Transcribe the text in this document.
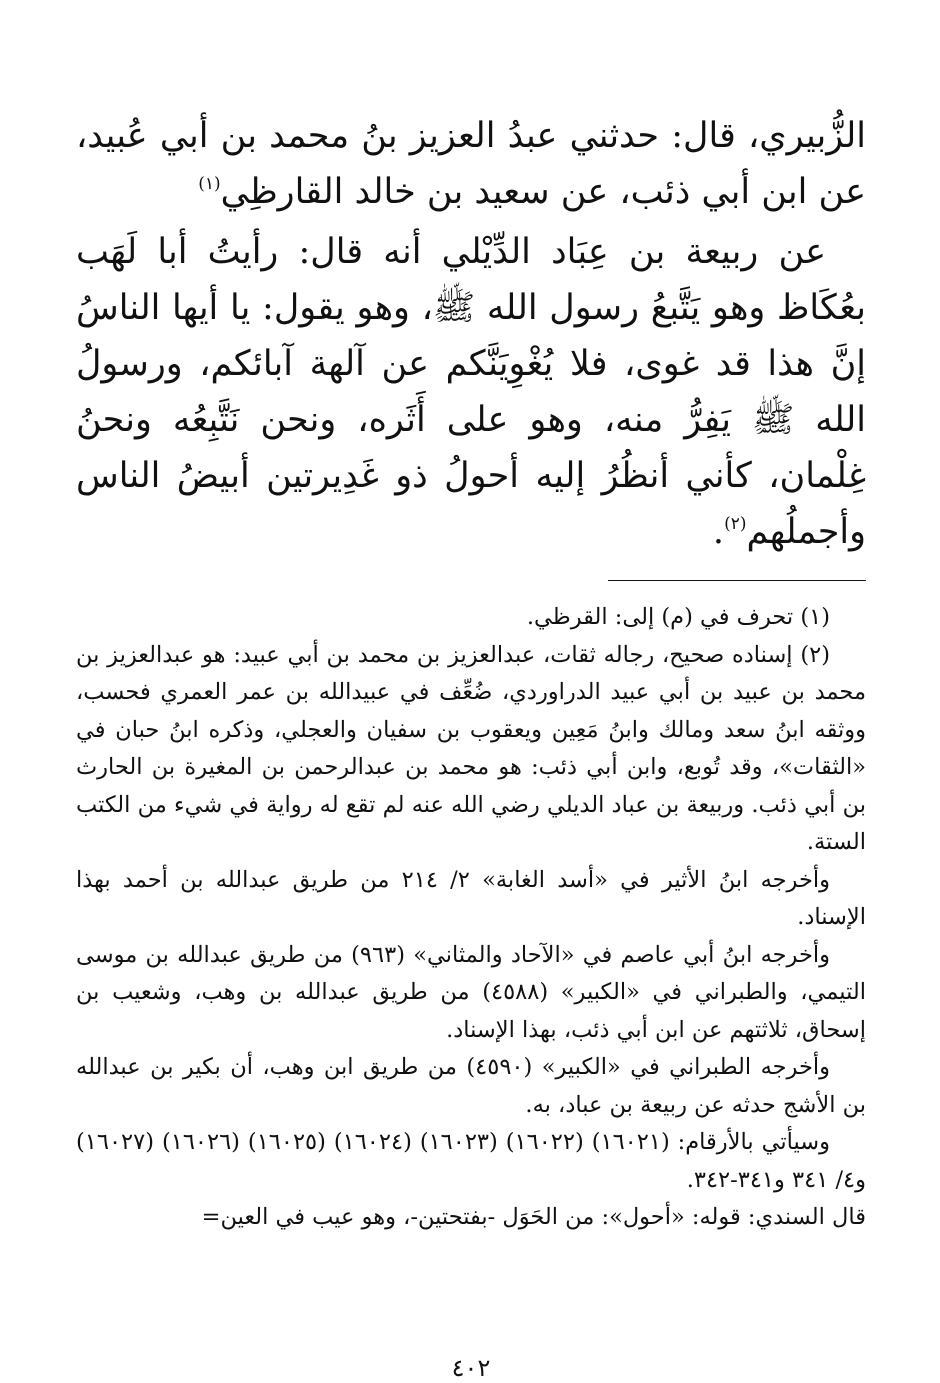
الزُّبيري، قال: حدثني عبدُ العزيز بنُ محمد بن أبي عُبيد، عن ابن أبي ذئب، عن سعيد بن خالد القارظِي$^{(١)}$

عن ربيعة بن عِبَاد الدِّيْلي أنه قال: رأيتُ أبا لَهَب بعُكَاظ وهو يَتَّبعُ رسول الله ﷺ، وهو يقول: يا أيها الناسُ إنَّ هذا قد غوى، فلا يُغْوِيَنَّكم عن آلهة آبائكم، ورسولُ الله ﷺ يَفِرُّ منه، وهو على أَثَره، ونحن نَتَّبِعُه ونحنُ غِلْمان، كأني أنظُرُ إليه أحولُ ذو غَدِيرتين أبيضُ الناس وأجملُهم$^{(٢)}$.

(١) تحرف في (م) إلى: القرظي.

(٢) إسناده صحيح، رجاله ثقات، عبدالعزيز بن محمد بن أبي عبيد: هو عبدالعزيز بن محمد بن عبيد بن أبي عبيد الدراوردي، ضُعِّف في عبيدالله بن عمر العمري فحسب، ووثقه ابنُ سعد ومالك وابنُ مَعِين ويعقوب بن سفيان والعجلي، وذكره ابنُ حبان في «الثقات»، وقد تُوبع، وابن أبي ذئب: هو محمد بن عبدالرحمن بن المغيرة بن الحارث بن أبي ذئب. وربيعة بن عباد الديلي رضي الله عنه لم تقع له رواية في شيء من الكتب الستة.

وأخرجه ابنُ الأثير في «أسد الغابة» ٢/ ٢١٤ من طريق عبدالله بن أحمد بهذا الإسناد.

وأخرجه ابنُ أبي عاصم في «الآحاد والمثاني» (٩٦٣) من طريق عبدالله بن موسى التيمي، والطبراني في «الكبير» (٤٥٨٨) من طريق عبدالله بن وهب، وشعيب بن إسحاق، ثلاثتهم عن ابن أبي ذئب، بهذا الإسناد.

وأخرجه الطبراني في «الكبير» (٤٥٩٠) من طريق ابن وهب، أن بكير بن عبدالله بن الأشج حدثه عن ربيعة بن عباد، به.

وسيأتي بالأرقام: (١٦٠٢١) (١٦٠٢٢) (١٦٠٢٣) (١٦٠٢٤) (١٦٠٢٥) (١٦٠٢٦) (١٦٠٢٧) و٤/ ٣٤١ و٣٤١-٣٤٢.

قال السندي: قوله: «أحول»: من الحَوَل -بفتحتين-، وهو عيب في العين=

٤٠٢
